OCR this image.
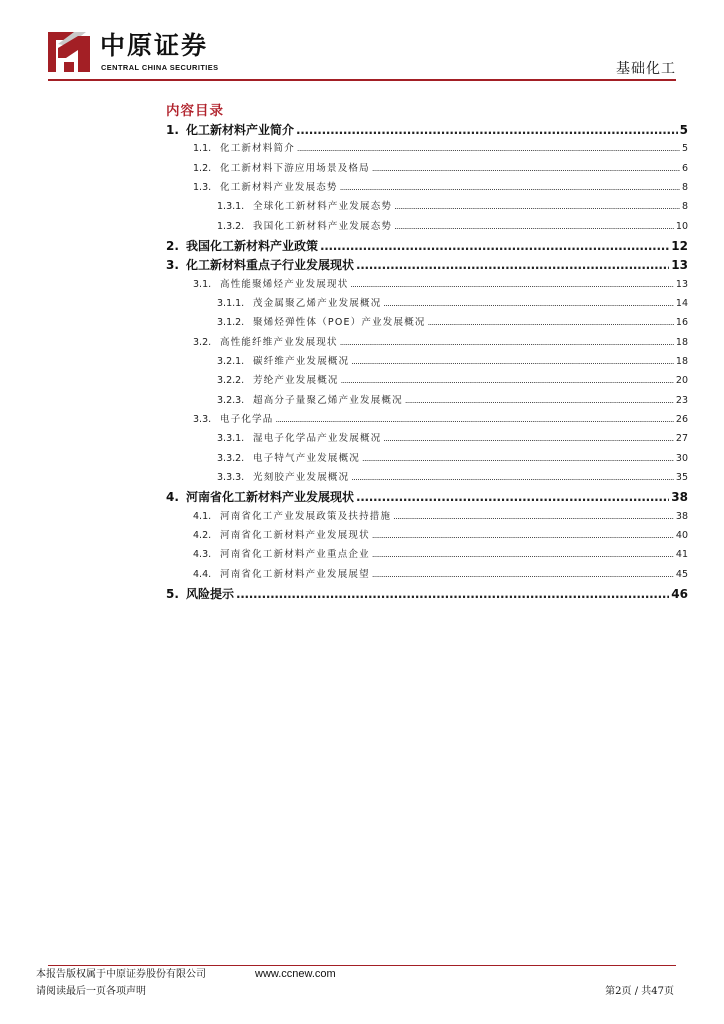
中原证券
CENTRAL CHINA SECURITIES	基础化工
内容目录
1. 化工新材料产业简介 .....	5
1.1. 化工新材料简介 .....	5
1.2. 化工新材料下游应用场景及格局 .....	6
1.3. 化工新材料产业发展态势 .....	8
1.3.1. 全球化工新材料产业发展态势 .....	8
1.3.2. 我国化工新材料产业发展态势 .....	10
2. 我国化工新材料产业政策 .....	12
3. 化工新材料重点子行业发展现状 .....	13
3.1. 高性能聚烯烃产业发展现状 .....	13
3.1.1. 茂金属聚乙烯产业发展概况 .....	14
3.1.2. 聚烯烃弹性体（POE）产业发展概况 .....	16
3.2. 高性能纤维产业发展现状 .....	18
3.2.1. 碳纤维产业发展概况 .....	18
3.2.2. 芳纶产业发展概况 .....	20
3.2.3. 超高分子量聚乙烯产业发展概况 .....	23
3.3. 电子化学品 .....	26
3.3.1. 湿电子化学品产业发展概况 .....	27
3.3.2. 电子特气产业发展概况 .....	30
3.3.3. 光刻胶产业发展概况 .....	35
4. 河南省化工新材料产业发展现状 .....	38
4.1. 河南省化工产业发展政策及扶持措施 .....	38
4.2. 河南省化工新材料产业发展现状 .....	40
4.3. 河南省化工新材料产业重点企业 .....	41
4.4. 河南省化工新材料产业发展展望 .....	45
5. 风险提示 .....	46
本报告版权属于中原证券股份有限公司	www.ccnew.com
请阅读最后一页各项声明	第2页 / 共47页
